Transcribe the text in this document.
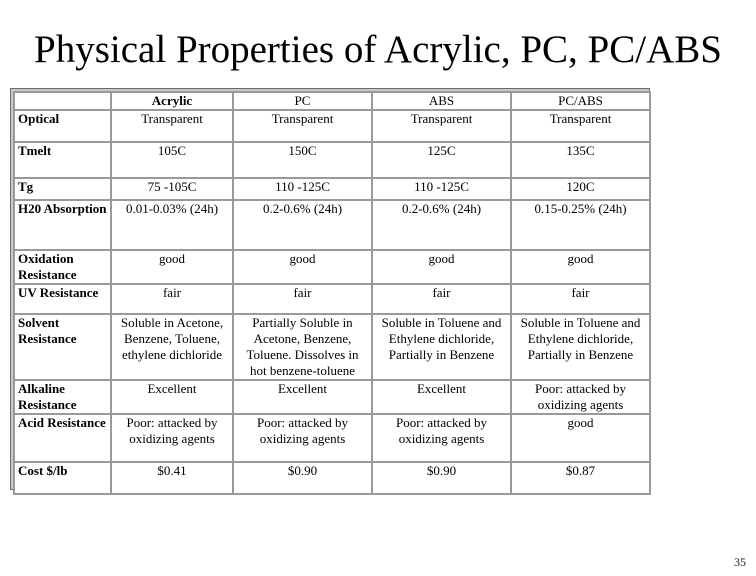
Physical Properties of Acrylic, PC, PC/ABS
	Acrylic	PC	ABS	PC/ABS
Optical	Transparent	Transparent	Transparent	Transparent
Tmelt	105C	150C	125C	135C
Tg	75 -105C	110 -125C	110 -125C	120C
H20 Absorption	0.01-0.03% (24h)	0.2-0.6% (24h)	0.2-0.6% (24h)	0.15-0.25% (24h)
Oxidation Resistance	good	good	good	good
UV Resistance	fair	fair	fair	fair
Solvent Resistance	Soluble in Acetone, Benzene, Toluene, ethylene dichloride	Partially Soluble in Acetone, Benzene, Toluene. Dissolves in hot benzene-toluene	Soluble in Toluene and Ethylene dichloride, Partially in Benzene	Soluble in Toluene and Ethylene dichloride, Partially in Benzene
Alkaline Resistance	Excellent	Excellent	Excellent	Poor: attacked by oxidizing agents
Acid Resistance	Poor: attacked by oxidizing agents	Poor: attacked by oxidizing agents	Poor: attacked by oxidizing agents	good
Cost $/lb	$0.41	$0.90	$0.90	$0.87
35
